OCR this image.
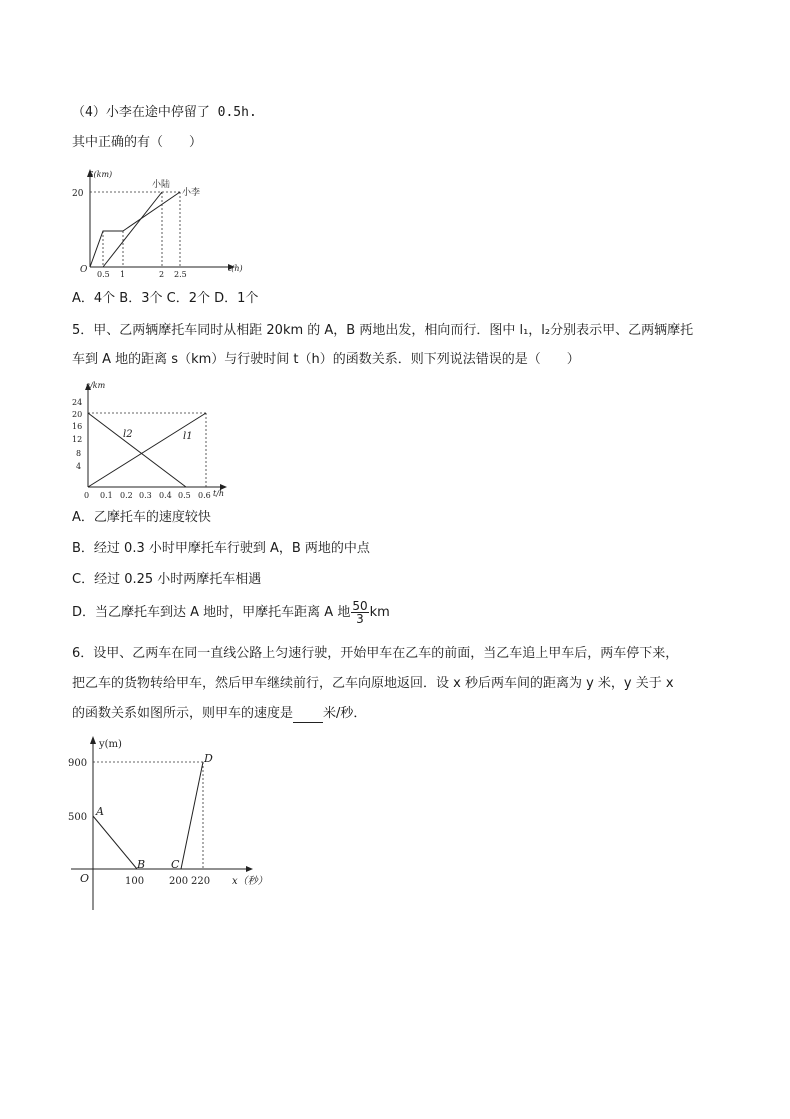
（4）小李在途中停留了 0.5h.
其中正确的有（　　）
S(km)
t(h)
O
20
0.5 1	2 2.5
小陆
小李
A．4个 B．3个 C．2个 D．1个
5．甲、乙两辆摩托车同时从相距 20km 的 A，B 两地出发，相向而行．图中 l₁，l₂分别表示甲、乙两辆摩托
车到 A 地的距离 s（km）与行驶时间 t（h）的函数关系．则下列说法错误的是（　　）
24
20
16
12
8
4
s/km
0 0.1 0.2 0.3 0.4 0.5 0.6 t/h
l2	l1
A．乙摩托车的速度较快
B．经过 0.3 小时甲摩托车行驶到 A，B 两地的中点
C．经过 0.25 小时两摩托车相遇
D．当乙摩托车到达 A 地时，甲摩托车距离 A 地 $\frac{50}{3}$ km
6．设甲、乙两车在同一直线公路上匀速行驶，开始甲车在乙车的前面，当乙车追上甲车后，两车停下来，
把乙车的货物转给甲车，然后甲车继续前行，乙车向原地返回．设 x 秒后两车间的距离为 y 米，y 关于 x
的函数关系如图所示，则甲车的速度是 米/秒．
y(m)
x（秒）
O
900
500
100 200 220
A
B C
D
